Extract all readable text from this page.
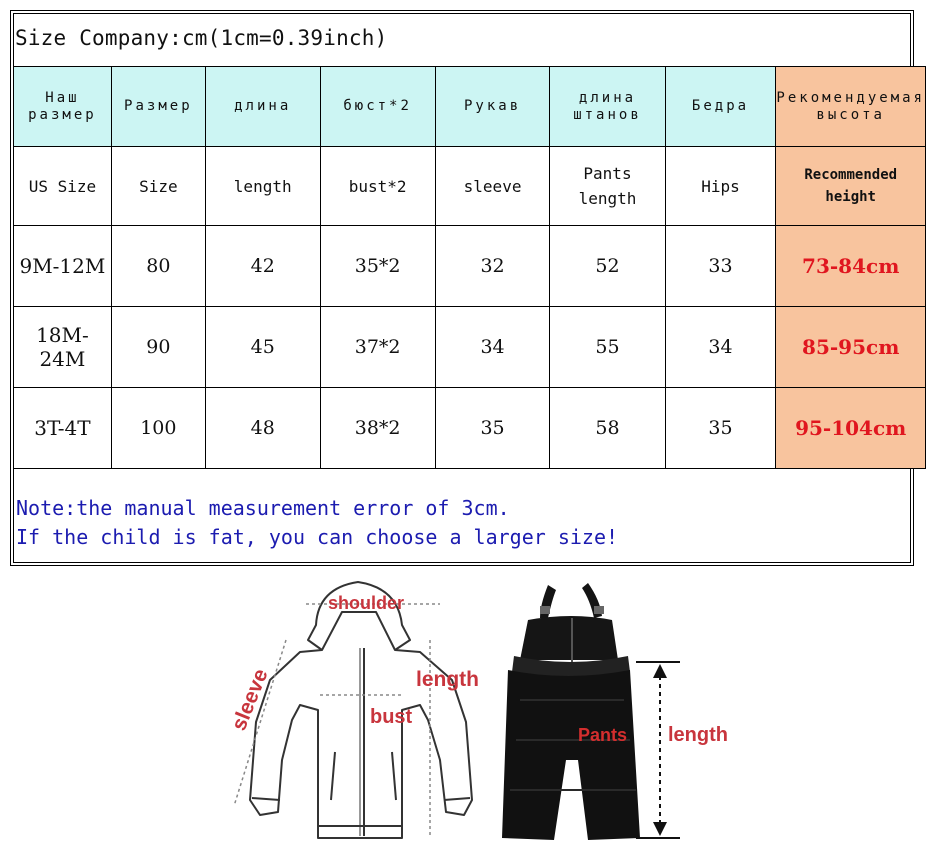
Size Company:cm(1cm=0.39inch)
Наш размер	Размер	длина	бюст*2	Рукав	длина штанов	Бедра	Рекомендуемая высота
US Size	Size	length	bust*2	sleeve	Pants length	Hips	Recommended height
9M-12M	80	42	35*2	32	52	33	73-84cm
18M-24M	90	45	37*2	34	55	34	85-95cm
3T-4T	100	48	38*2	35	58	35	95-104cm
Note:the manual measurement error of 3cm.
If the child is fat, you can choose a larger size!
shoulder
sleeve	bust
length
Pants length
